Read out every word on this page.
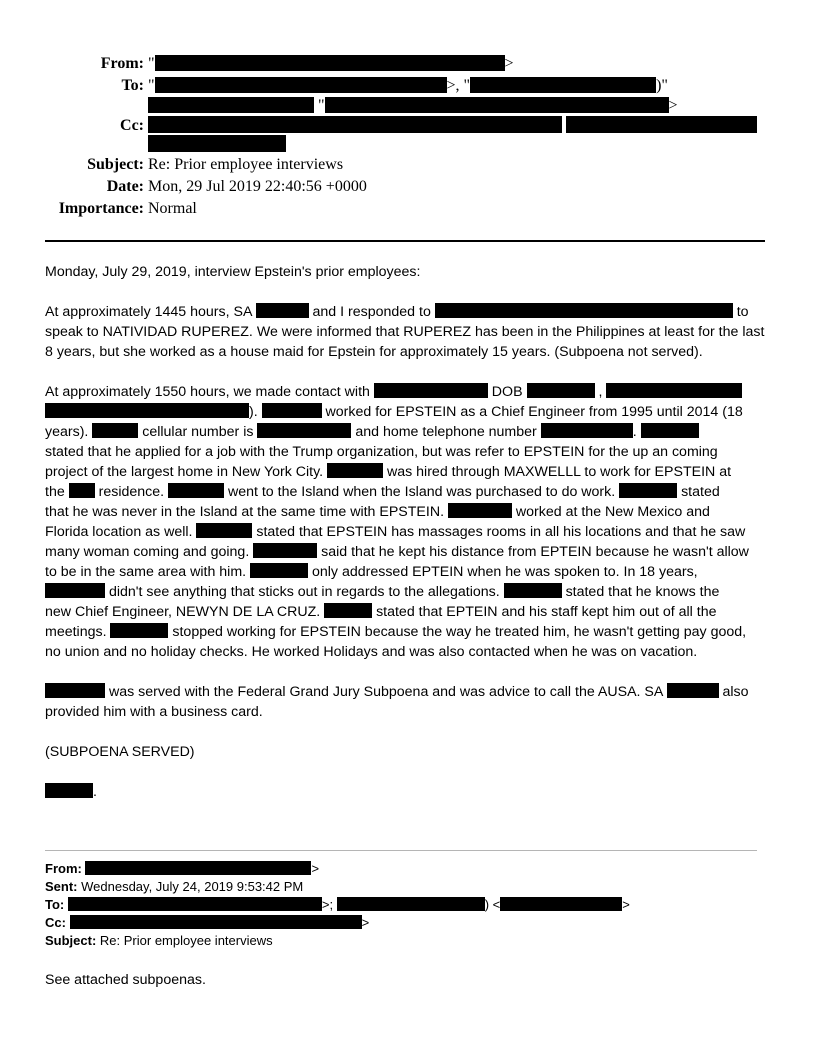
From: "	>
To: "	>, "	)"
"	>
Cc:
Subject: Re: Prior employee interviews
Date: Mon, 29 Jul 2019 22:40:56 +0000
Importance: Normal
Monday, July 29, 2019, interview Epstein's prior employees:
At approximately 1445 hours, SA	and I responded to	to
speak to NATIVIDAD RUPEREZ. We were informed that RUPEREZ has been in the Philippines at least for the last
8 years, but she worked as a house maid for Epstein for approximately 15 years. (Subpoena not served).
At approximately 1550 hours, we made contact with	DOB	,
).	worked for EPSTEIN as a Chief Engineer from 1995 until 2014 (18
years).	cellular number is	and home telephone number	.
stated that he applied for a job with the Trump organization, but was refer to EPSTEIN for the up an coming
project of the largest home in New York City.	was hired through MAXWELLL to work for EPSTEIN at
the  residence.	went to the Island when the Island was purchased to do work.	stated
that he was never in the Island at the same time with EPSTEIN.	worked at the New Mexico and
Florida location as well.	stated that EPSTEIN has massages rooms in all his locations and that he saw
many woman coming and going.	said that he kept his distance from EPTEIN because he wasn't allow
to be in the same area with him.	only addressed EPTEIN when he was spoken to. In 18 years,
didn't see anything that sticks out in regards to the allegations.	stated that he knows the
new Chief Engineer, NEWYN DE LA CRUZ.	stated that EPTEIN and his staff kept him out of all the
meetings.	stopped working for EPSTEIN because the way he treated him, he wasn't getting pay good,
no union and no holiday checks. He worked Holidays and was also contacted when he was on vacation.
was served with the Federal Grand Jury Subpoena and was advice to call the AUSA. SA	also
provided him with a business card.
(SUBPOENA SERVED)
.
From:	>
Sent: Wednesday, July 24, 2019 9:53:42 PM
To:	>;	) <	>
Cc:	>
Subject: Re: Prior employee interviews
See attached subpoenas.
